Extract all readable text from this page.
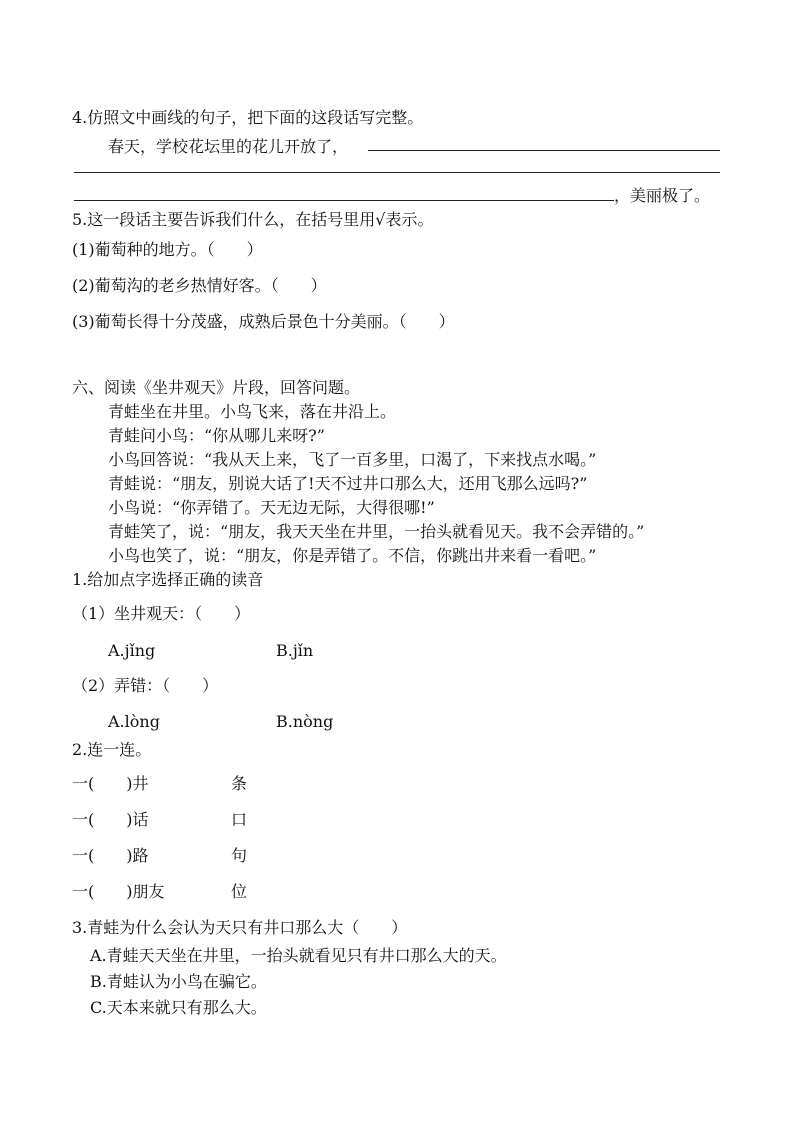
4.仿照文中画线的句子，把下面的这段话写完整。
春天，学校花坛里的花儿开放了，
，美丽极了。
5.这一段话主要告诉我们什么，在括号里用√表示。
(1)葡萄种的地方。（　　）
(2)葡萄沟的老乡热情好客。（　　）
(3)葡萄长得十分茂盛，成熟后景色十分美丽。（　　）
六、阅读《坐井观天》片段，回答问题。
青蛙坐在井里。小鸟飞来，落在井沿上。
青蛙问小鸟：“你从哪儿来呀?”
小鸟回答说：“我从天上来，飞了一百多里，口渴了，下来找点水喝。”
青蛙说：“朋友，别说大话了!天不过井口那么大，还用飞那么远吗?”
小鸟说：“你弄错了。天无边无际，大得很哪!”
青蛙笑了，说：“朋友，我天天坐在井里，一抬头就看见天。我不会弄错的。”
小鸟也笑了，说：“朋友，你是弄错了。不信，你跳出井来看一看吧。”
1.给加点字选择正确的读音
（1）坐井观天：（　　）
A.jǐng	B.jǐn
（2）弄错：（　　）
A.lòng	B.nòng
2.连一连。
一(　　)井	条
一(　　)话	口
一(　　)路	句
一(　　)朋友	位
3.青蛙为什么会认为天只有井口那么大（　　）
A.青蛙天天坐在井里，一抬头就看见只有井口那么大的天。
B.青蛙认为小鸟在骗它。
C.天本来就只有那么大。
